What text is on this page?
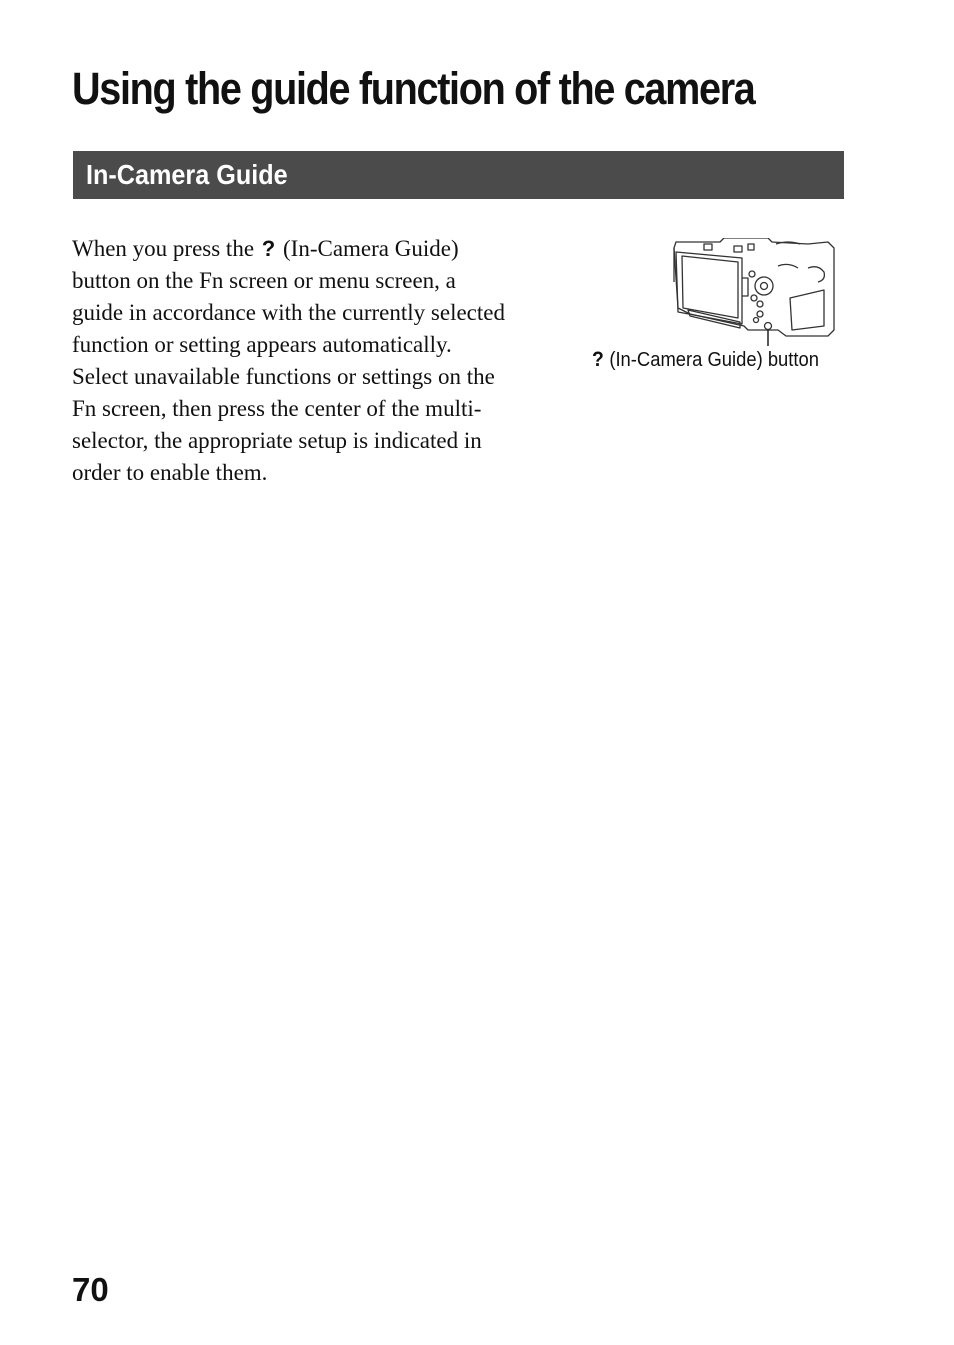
Using the guide function of the camera
In-Camera Guide

When you press the ? (In-Camera Guide) button on the Fn screen or menu screen, a guide in accordance with the currently selected function or setting appears automatically.

Select unavailable functions or settings on the Fn screen, then press the center of the multi-selector, the appropriate setup is indicated in order to enable them.

? (In-Camera Guide) button
70
